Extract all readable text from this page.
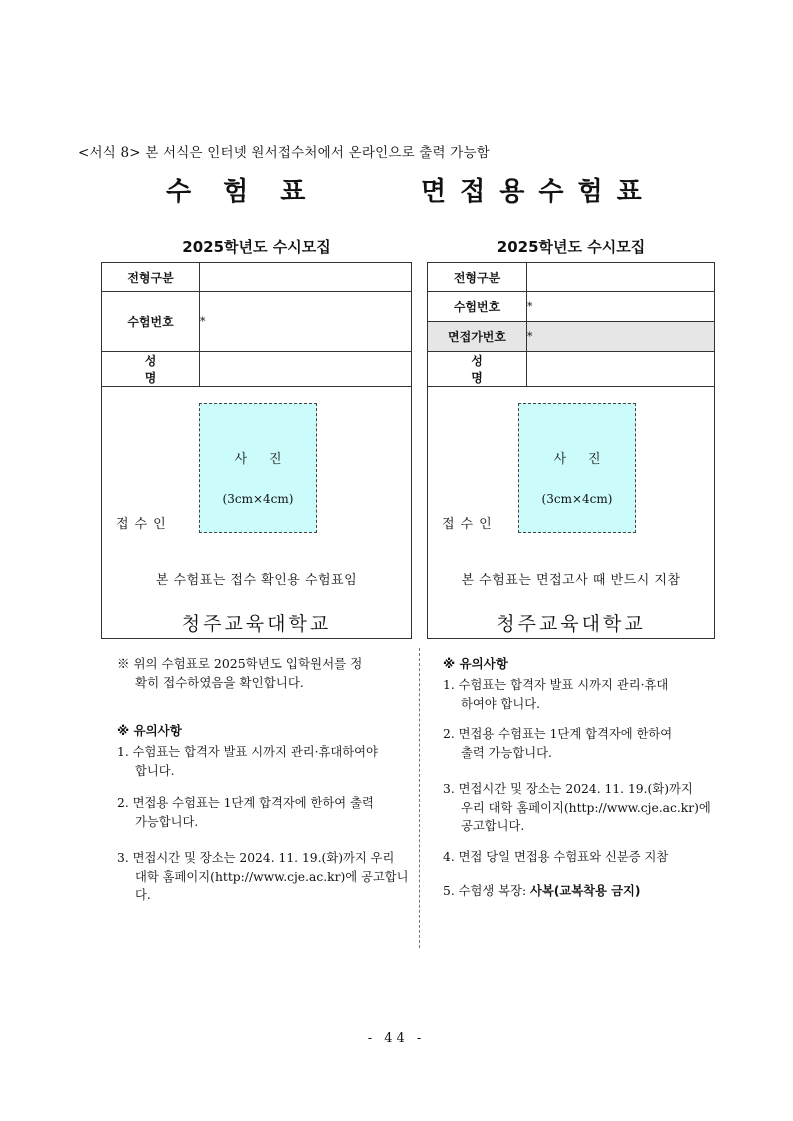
<서식 8> 본 서식은 인터넷 원서접수처에서 온라인으로 출력 가능함
수험표	면접용수험표
2025학년도 수시모집	2025학년도 수시모집
전형구분	
수험번호	*
성 명	

사진
(3cm×4cm)
접수인
본 수험표는 접수 확인용 수험표임
청주교육대학교	
전형구분	
수험번호	*
면접가번호	*
성 명	

사진
(3cm×4cm)
접수인
본 수험표는 면접고사 때 반드시 지참
청주교육대학교	
※ 위의 수험표로 2025학년도 입학원서를 정
확히 접수하였음을 확인합니다.
※ 유의사항
1. 수험표는 합격자 발표 시까지 관리·휴대하여야
합니다.
2. 면접용 수험표는 1단계 합격자에 한하여 출력
가능합니다.
3. 면접시간 및 장소는 2024. 11. 19.(화)까지 우리
대학 홈페이지(http://www.cje.ac.kr)에 공고합니다.
※ 유의사항
1. 수험표는 합격자 발표 시까지 관리·휴대
하여야 합니다.
2. 면접용 수험표는 1단계 합격자에 한하여
출력 가능합니다.
3. 면접시간 및 장소는 2024. 11. 19.(화)까지
우리 대학 홈페이지(http://www.cje.ac.kr)에
공고합니다.
4. 면접 당일 면접용 수험표와 신분증 지참
5. 수험생 복장: 사복(교복착용 금지)
- 44 -
